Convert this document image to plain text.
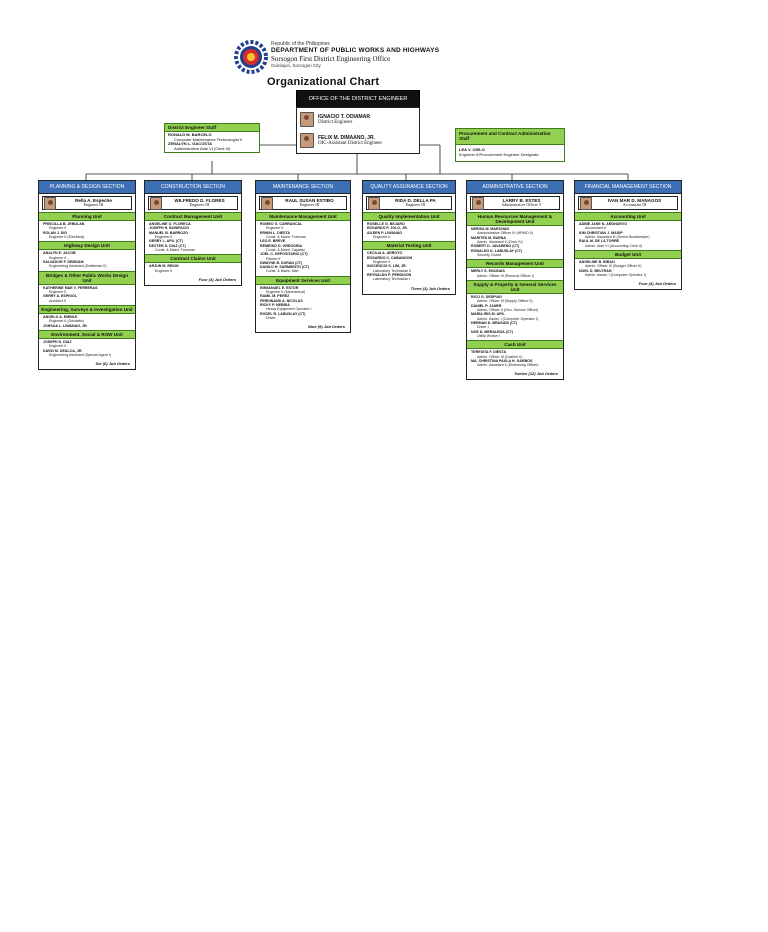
Republic of the Philippines
DEPARTMENT OF PUBLIC WORKS AND HIGHWAYS
Sorsogon First District Engineering Office
Guinlajon, Sorsogon City
Organizational Chart
OFFICE OF THE DISTRICT ENGINEER
IGNACIO T. ODIAMAR
District Engineer
FELIX M. DIMAANO, JR.
OIC-Assistant District Engineer
District Engineer Staff
RONALD M. BARCELO
Computer Maintenance Technologist II
ZENALYN L. GACOSTA
Administrative Aide VI (Clerk III)
Procurement and Contract Administration Staff
LEA V. CIELO
Engineer II/Procurement Engineer Designate
PLANNING & DESIGN SECTION
Rella A. Espeche
Engineer III
Planning Unit
PRISCILLA B. JEBULAN
Engineer II
ROLAN J. DIO
Engineer II (Electrical)
Highway Design Unit
ANALYN E. JACOB
Engineer II
SALVADOR F. DEMDAM
Engineering Assistant (Draftsman II)
Bridges & Other Public Works Design Unit
KATHERINE MAE V. FERRERAS
Engineer II
GERRY A. ESPIGOL
Architect II
Engineering, Surveys & Investigation Unit
ANGELO A. EMBILE
Engineer II (Geodetic)
JOHSUA L. LIWANAG, JR.
Environment, Social & ROW Unit
JOSEPH D. DIAZ
Engineer II
DAVID M. DEALCA, JR.
Engineering Assistant (Special Agent I)
Six (6) Job Orders
CONSTRUCTION SECTION
WILFREDO D. FLORES
Engineer III
Contract Management Unit
ANGELINE O. FLORECA
JOSEPH H. BONIFACIO
MANUEL B. BARROZO
Engineer II
GERRY L. APIL (CT)
DEXTER D. DIAZ (CT)
Const. & Maint. Foreman
Contract Claims Unit
ARJUN M. REKIN
Engineer II
Four (4) Job Orders
MAINTENANCE SECTION
RAUL SUSAN ESTIBO
Engineer III
Maintenance Management Unit
ROMEO G. CARRANCAL
Engineer II
ERWIN L. DIESTA
Const. & Maint. Foreman
LEO E. BREVE
REMEGIO D. GREGORIA
Const. & Maint. Capataz
JOEL C. DEPOSITARIO (CT)
Painter II
DWAYNE B. DURAN (CT)
DANILO H. SARMIENTO (CT)
Const. & Maint. Man
Equipment Services Unit
EMMANUEL E. ESTOR
Engineer II (Mechanical)
RAMIL M. PEREZ
FERDINAND A. NICOLAS
RICKY P. NEBRIA
Heavy Equipment Operator I
RODEL R. LABUSLAY (CT)
Driver
Nine (9) Job Orders
QUALITY ASSURANCE SECTION
RIDA D. DELLA PA
Engineer III
Quality Implementation Unit
ROSELLE G. BEJARO
EDGARDO P. JOLO, JR.
AILEEN P. LIWANAG
Engineer II
Material Testing Unit
CECILIA A. ARROYO
EDGARDO C. CABANGON
Engineer II
INOCENCIO S. LIM, JR.
Laboratory Technician II
REYNALDO P. PERDIGON
Laboratory Technician I
Three (3) Job Orders
ADMINISTRATIVE SECTION
LARRY B. ESTES
Administrative Officer V
Human Resources Management & Development Unit
NERISA M. MARCHAN
Administrative Officer IV (HRMO II)
MARITES M. BUENA
Admin. Assistant II (Clerk IV)
ROBERT D. JAVARENO (CT)
RONALDO K. LABUSLAY (CT)
Security Guard
Records Management Unit
MERLY S. ENCINAS
Admin. Officer III (Records Officer I)
Supply & Property & General Services Unit
RICO G. DESPUIG
Admin. Officer III (Supply Officer II)
DANIEL P. JANER
Admin. Officer II (Gen. Service Officer)
MARIA IRIS M. APIL
Admin. Assist. I (Computer Operator I)
HERMAN D. BRAGAIS (CT)
Driver I
NOE D. MERALEDA (CT)
Utility Worker I
Cash Unit
TERESITA F. DIESTA
Admin. Officer III (Cashier II)
MA. CHRISTINA PAULA H. GARBOS
Admin. Assistant II (Disbursing Officer)
Twelve (12) Job Orders
FINANCIAL MANAGEMENT SECTION
IVAN MAR D. MANAGOS
Accountant III
Accounting Unit
ADBIE JANE N. AÑONUEVO
Accountant II
KIM CHRISTIAN J. MASIP
Admin. Assistant III (Senior Bookkeeper)
RAUL M. DE LA TORRE
Admin. Aide VI (Accounting Clerk II)
Budget Unit
ANGELINE B. BIRAO
Admin. Officer IV (Budget Officer II)
NOEL D. BELTRAN
Admin. Assist. I (Computer Operator I)
Four (4) Job Orders
